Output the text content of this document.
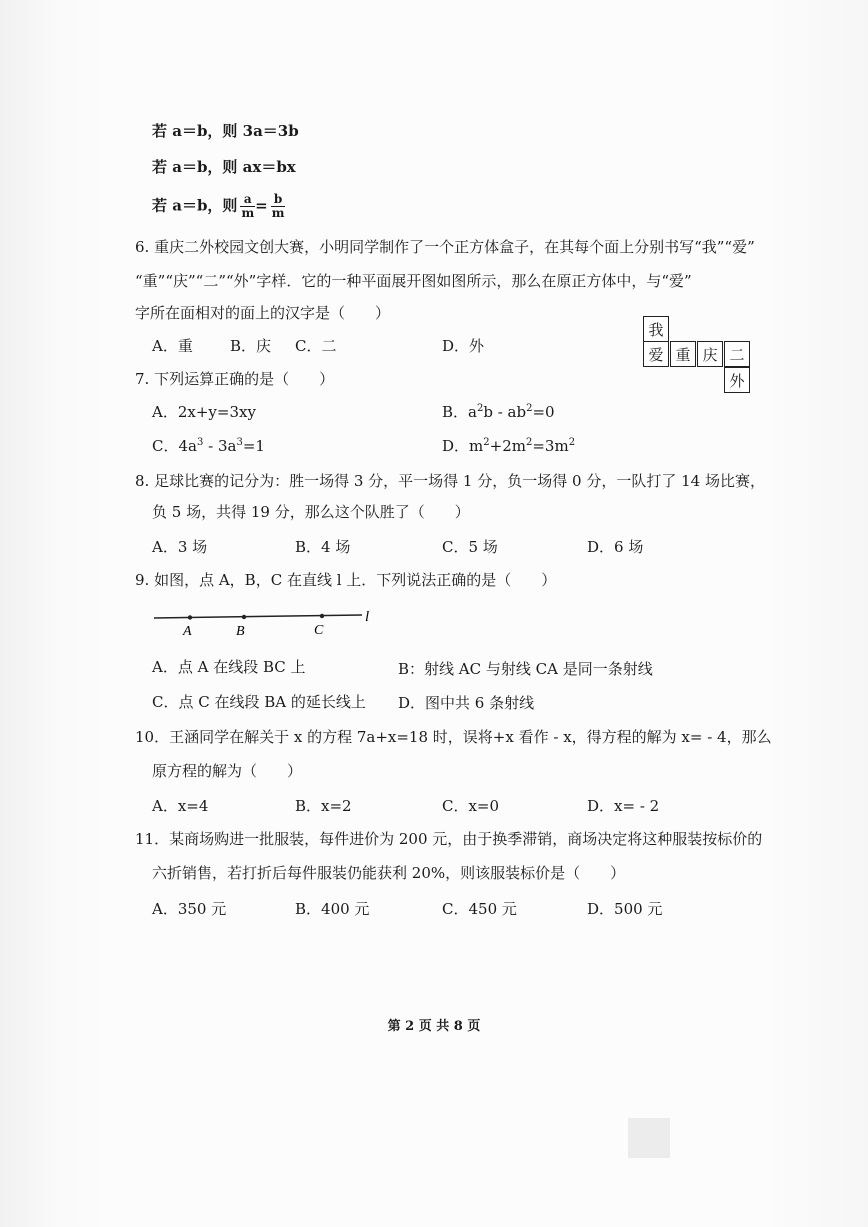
若 a＝b，则 3a＝3b
若 a＝b，则 ax＝bx
若 a＝b，则 $\frac{a}{m} = \frac{b}{m}$
6. 重庆二外校园文创大赛，小明同学制作了一个正方体盒子，在其每个面上分别书写“我”“爱”
“重”“庆”“二”“外”字样．它的一种平面展开图如图所示，那么在原正方体中，与“爱”
字所在面相对的面上的汉字是（　　）
A．重 B．庆 C．二	D．外
我
爱 重 庆 二
外
7. 下列运算正确的是（　　）
A．2x+y=3xy	B．$a^2b - ab^2=0$
C．$4a^3 - 3a^3=1$	D．$m^2+2m^2=3m^2$
8. 足球比赛的记分为：胜一场得 3 分，平一场得 1 分，负一场得 0 分，一队打了 14 场比赛，
负 5 场，共得 19 分，那么这个队胜了（　　）
A．3 场	B．4 场	C．5 场	D．6 场
9. 如图，点 A，B，C 在直线 l 上．下列说法正确的是（　　）
A	B	C
l
A．点 A 在线段 BC 上	B：射线 AC 与射线 CA 是同一条射线
C．点 C 在线段 BA 的延长线上 D．图中共 6 条射线
10．王涵同学在解关于 x 的方程 7a+x=18 时，误将+x 看作 - x，得方程的解为 x= - 4，那么
原方程的解为（　　）
A．x=4	B．x=2	C．x=0	D．x= - 2
11．某商场购进一批服装，每件进价为 200 元，由于换季滞销，商场决定将这种服装按标价的
六折销售，若打折后每件服装仍能获利 20%，则该服装标价是（　　）
A．350 元	B．400 元	C．450 元	D．500 元
第 2 页 共 8 页
